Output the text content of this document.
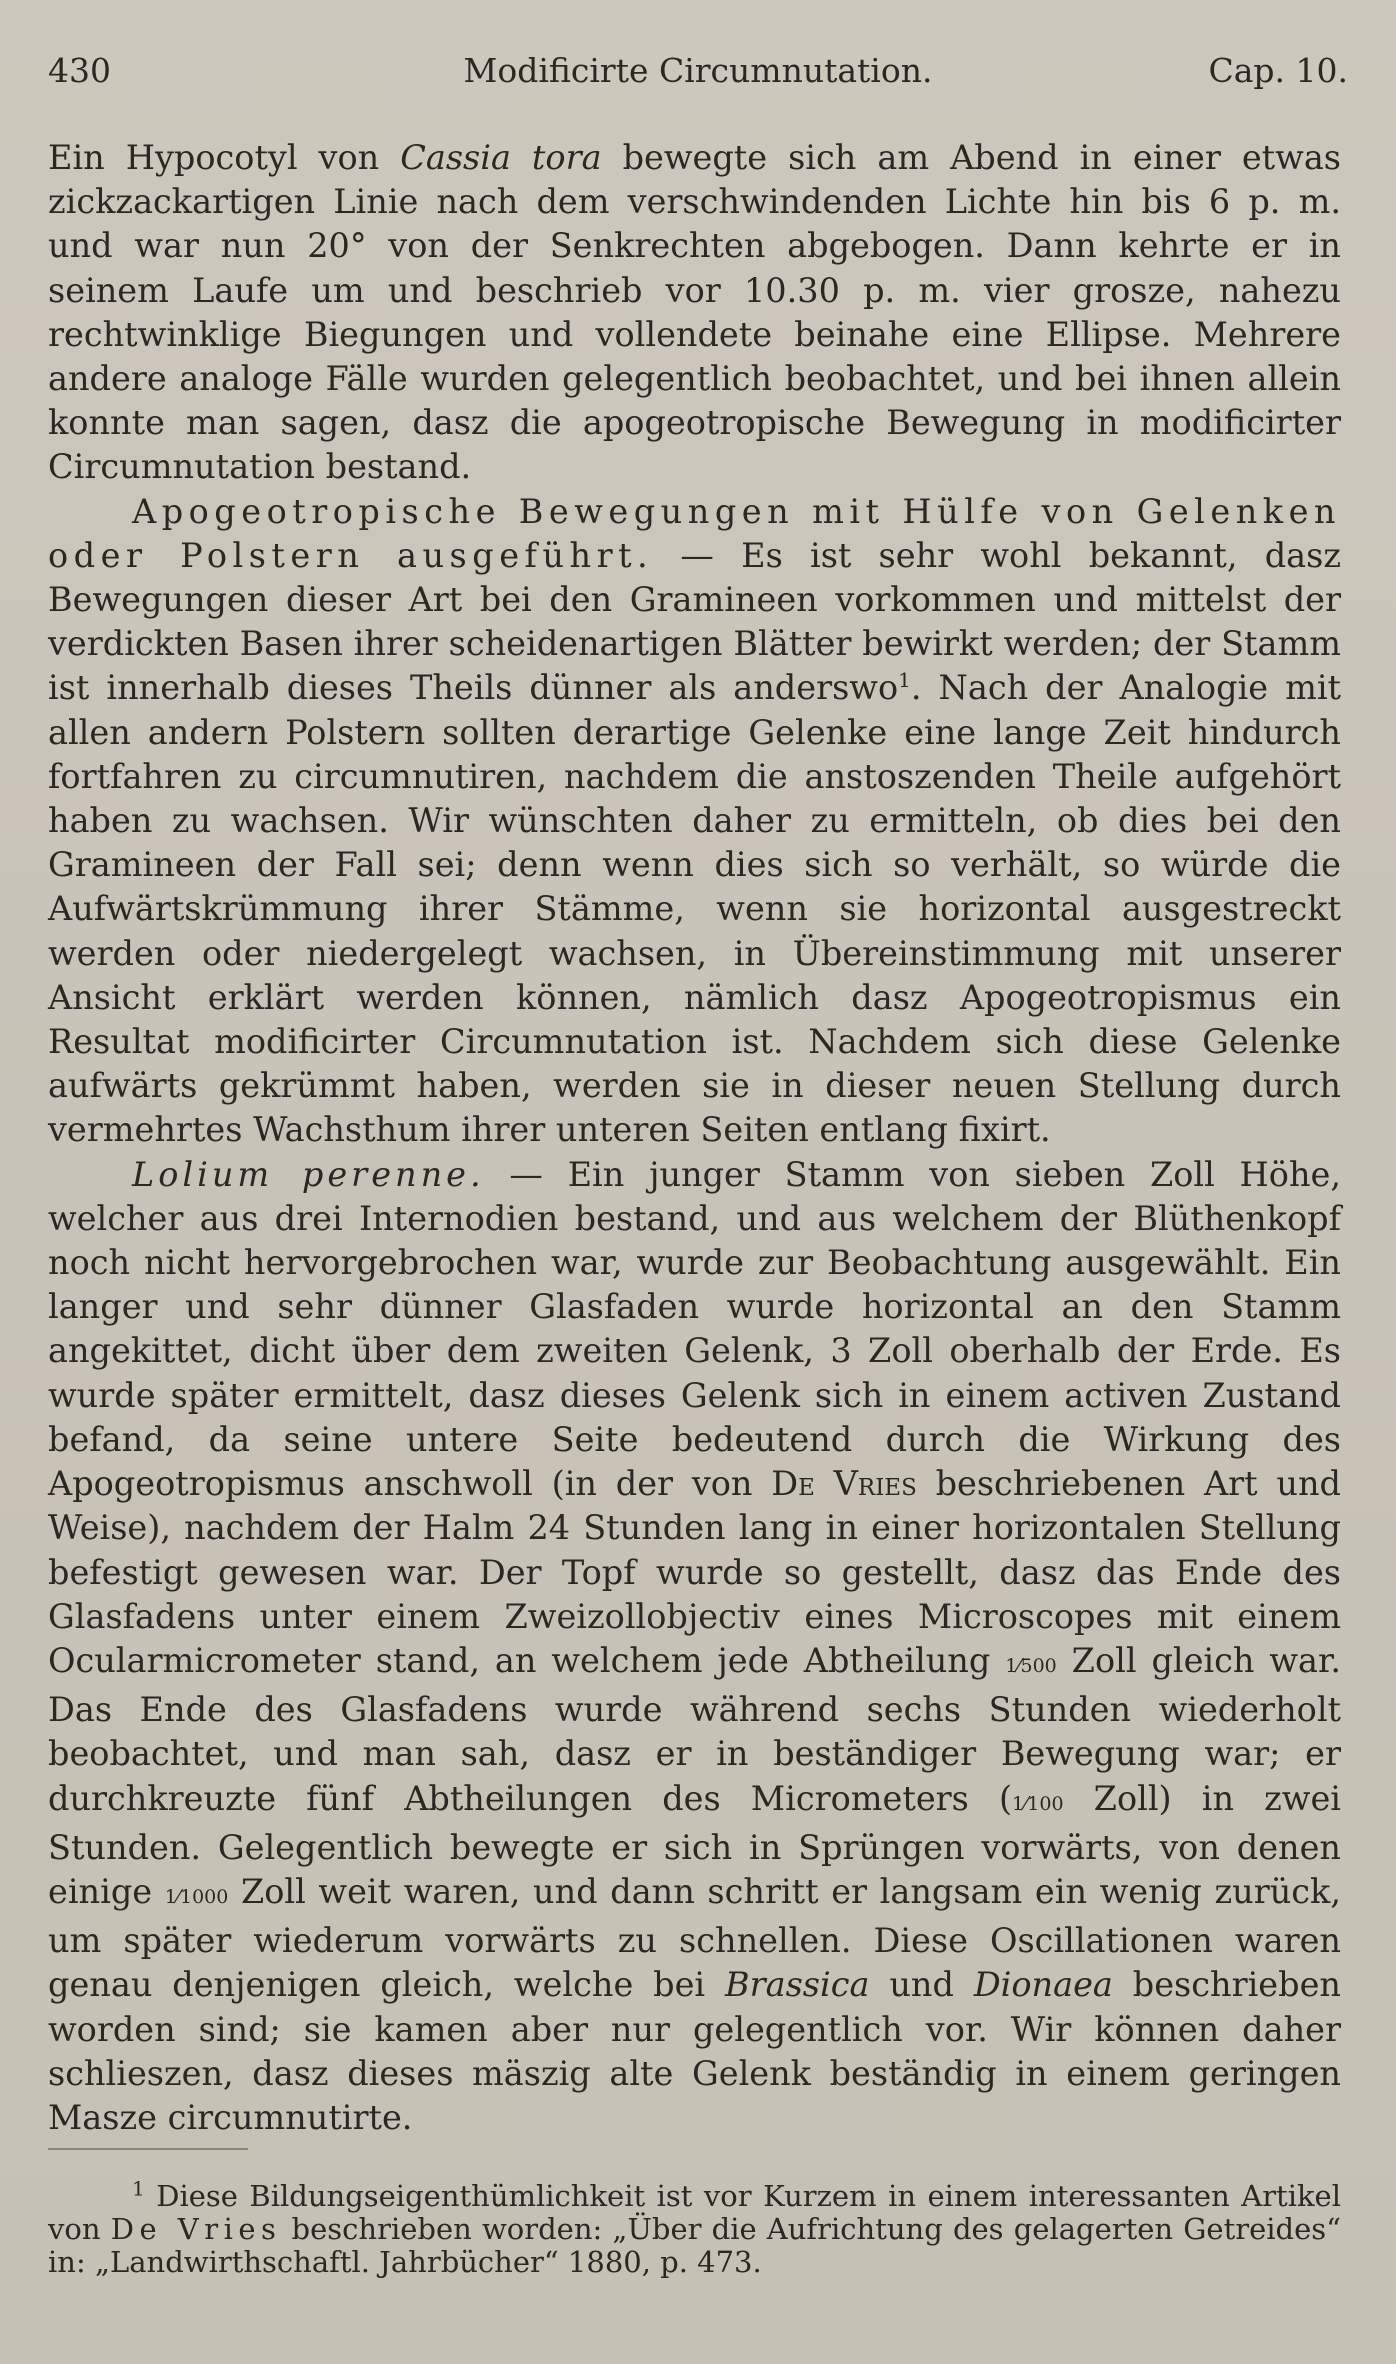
430	Modificirte Circumnutation.	Cap. 10.

Ein Hypocotyl von Cassia tora bewegte sich am Abend in einer etwas zickzackartigen Linie nach dem verschwindenden Lichte hin bis 6 p. m. und war nun 20° von der Senkrechten abgebogen. Dann kehrte er in seinem Laufe um und beschrieb vor 10.30 p. m. vier grosze, nahezu rechtwinklige Biegungen und vollendete beinahe eine Ellipse. Mehrere andere analoge Fälle wurden gelegentlich beobachtet, und bei ihnen allein konnte man sagen, dasz die apogeotropische Bewegung in modificirter Circumnutation bestand.

Apogeotropische Bewegungen mit Hülfe von Gelenken oder Polstern ausgeführt. — Es ist sehr wohl bekannt, dasz Bewegungen dieser Art bei den Gramineen vorkommen und mittelst der verdickten Basen ihrer scheidenartigen Blätter bewirkt werden; der Stamm ist innerhalb dieses Theils dünner als anderswo$^1$. Nach der Analogie mit allen andern Polstern sollten derartige Gelenke eine lange Zeit hindurch fortfahren zu circumnutiren, nachdem die anstoszenden Theile aufgehört haben zu wachsen. Wir wünschten daher zu ermitteln, ob dies bei den Gramineen der Fall sei; denn wenn dies sich so verhält, so würde die Aufwärtskrümmung ihrer Stämme, wenn sie horizontal ausgestreckt werden oder niedergelegt wachsen, in Übereinstimmung mit unserer Ansicht erklärt werden können, nämlich dasz Apogeotropismus ein Resultat modificirter Circumnutation ist. Nachdem sich diese Gelenke aufwärts gekrümmt haben, werden sie in dieser neuen Stellung durch vermehrtes Wachsthum ihrer unteren Seiten entlang fixirt.

Lolium perenne. — Ein junger Stamm von sieben Zoll Höhe, welcher aus drei Internodien bestand, und aus welchem der Blüthenkopf noch nicht hervorgebrochen war, wurde zur Beobachtung ausgewählt. Ein langer und sehr dünner Glasfaden wurde horizontal an den Stamm angekittet, dicht über dem zweiten Gelenk, 3 Zoll oberhalb der Erde. Es wurde später ermittelt, dasz dieses Gelenk sich in einem activen Zustand befand, da seine untere Seite bedeutend durch die Wirkung des Apogeotropismus anschwoll (in der von De Vries beschriebenen Art und Weise), nachdem der Halm 24 Stunden lang in einer horizontalen Stellung befestigt gewesen war. Der Topf wurde so gestellt, dasz das Ende des Glasfadens unter einem Zweizollobjectiv eines Microscopes mit einem Ocularmicrometer stand, an welchem jede Abtheilung 1⁄500 Zoll gleich war. Das Ende des Glasfadens wurde während sechs Stunden wiederholt beobachtet, und man sah, dasz er in beständiger Bewegung war; er durchkreuzte fünf Abtheilungen des Micrometers (1⁄100 Zoll) in zwei Stunden. Gelegentlich bewegte er sich in Sprüngen vorwärts, von denen einige 1⁄1000 Zoll weit waren, und dann schritt er langsam ein wenig zurück, um später wiederum vorwärts zu schnellen. Diese Oscillationen waren genau denjenigen gleich, welche bei Brassica und Dionaea beschrieben worden sind; sie kamen aber nur gelegentlich vor. Wir können daher schlieszen, dasz dieses mäszig alte Gelenk beständig in einem geringen Masze circumnutirte.

$^1$ Diese Bildungseigenthümlichkeit ist vor Kurzem in einem interessanten Artikel von De Vries beschrieben worden: „Über die Aufrichtung des gelagerten Getreides“ in: „Landwirthschaftl. Jahrbücher“ 1880, p. 473.
